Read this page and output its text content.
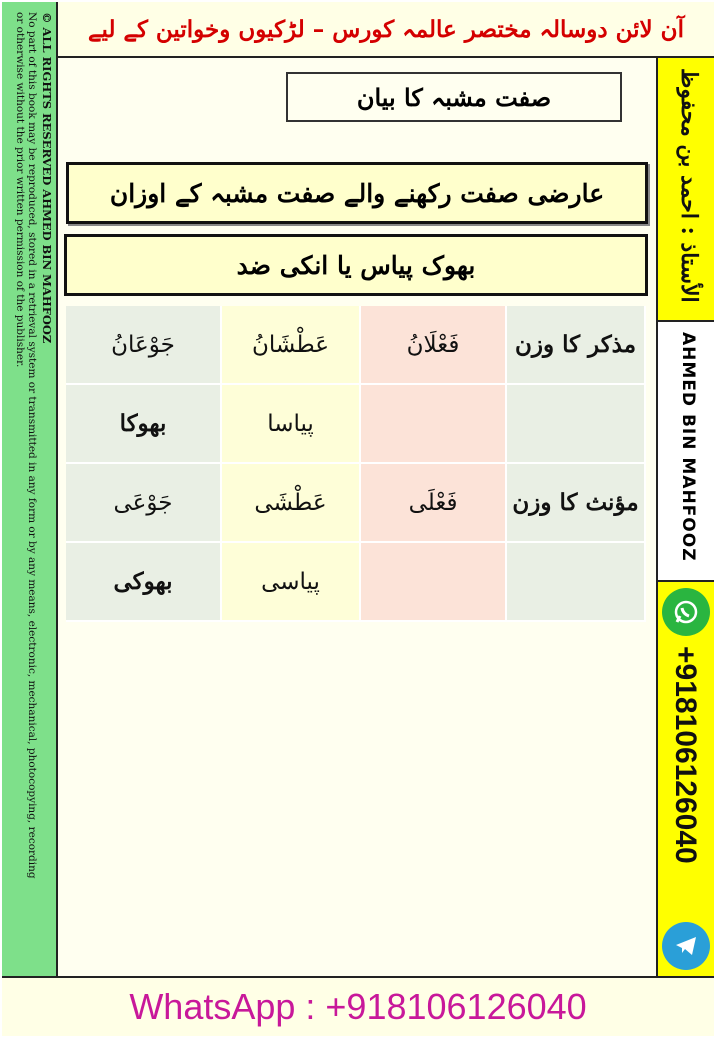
آن لائن دوسالہ مختصر عالمہ کورس – لڑکیوں وخواتین کے لیے
© ALL RIGHTS RESERVED AHMED BIN MAHFOOZ
No part of this book may be reproduced, stored in a retrieval system or transmitted in any form or by any means, electronic, mechanical, photocopying, recording
or otherwise without the prior written permission of the publisher.	الأستاذ : احمد بن محفوظ
AHMED BIN MAHFOOZ
+918106126040
صفت مشبہ کا بیان
عارضی صفت رکھنے والے صفت مشبہ کے اوزان
بھوک پیاس یا انکی ضد
جَوْعَانُ	عَطْشَانُ	فَعْلَانُ	مذکر کا وزن
بھوکا	پیاسا
جَوْعَی	عَطْشَی	فَعْلَی	مؤنث کا وزن
بھوکی	پیاسی
WhatsApp : +918106126040
